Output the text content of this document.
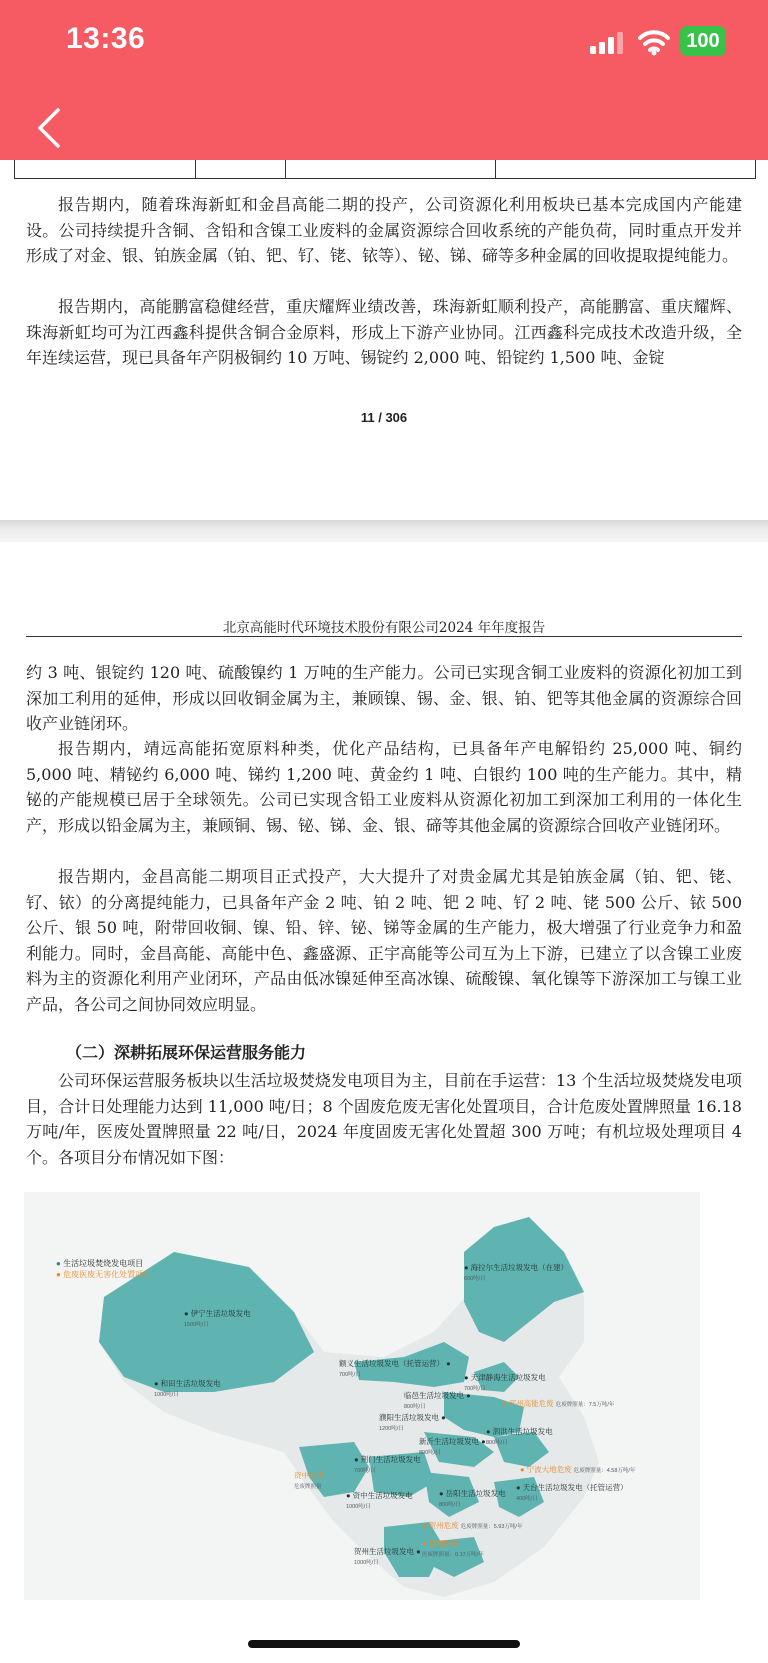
13:36	100

报告期内，随着珠海新虹和金昌高能二期的投产，公司资源化利用板块已基本完成国内产能建设。公司持续提升含铜、含铅和含镍工业废料的金属资源综合回收系统的产能负荷，同时重点开发并形成了对金、银、铂族金属（铂、钯、钌、铑、铱等）、铋、锑、碲等多种金属的回收提取提纯能力。

报告期内，高能鹏富稳健经营，重庆耀辉业绩改善，珠海新虹顺利投产，高能鹏富、重庆耀辉、珠海新虹均可为江西鑫科提供含铜合金原料，形成上下游产业协同。江西鑫科完成技术改造升级，全年连续运营，现已具备年产阴极铜约 10 万吨、锡锭约 2,000 吨、铅锭约 1,500 吨、金锭

11 / 306
北京高能时代环境技术股份有限公司2024 年年度报告

约 3 吨、银锭约 120 吨、硫酸镍约 1 万吨的生产能力。公司已实现含铜工业废料的资源化初加工到深加工利用的延伸，形成以回收铜金属为主，兼顾镍、锡、金、银、铂、钯等其他金属的资源综合回收产业链闭环。

报告期内，靖远高能拓宽原料种类，优化产品结构，已具备年产电解铅约 25,000 吨、铜约 5,000 吨、精铋约 6,000 吨、锑约 1,200 吨、黄金约 1 吨、白银约 100 吨的生产能力。其中，精铋的产能规模已居于全球领先。公司已实现含铅工业废料从资源化初加工到深加工利用的一体化生产，形成以铅金属为主，兼顾铜、锡、铋、锑、金、银、碲等其他金属的资源综合回收产业链闭环。

报告期内，金昌高能二期项目正式投产，大大提升了对贵金属尤其是铂族金属（铂、钯、铑、钌、铱）的分离提纯能力，已具备年产金 2 吨、铂 2 吨、钯 2 吨、钌 2 吨、铑 500 公斤、铱 500 公斤、银 50 吨，附带回收铜、镍、铅、锌、铋、锑等金属的生产能力，极大增强了行业竞争力和盈利能力。同时，金昌高能、高能中色、鑫盛源、正宇高能等公司互为上下游，已建立了以含镍工业废料为主的资源化利用产业闭环，产品由低冰镍延伸至高冰镍、硫酸镍、氧化镍等下游深加工与镍工业产品，各公司之间协同效应明显。

（二）深耕拓展环保运营服务能力

公司环保运营服务板块以生活垃圾焚烧发电项目为主，目前在手运营：13 个生活垃圾焚烧发电项目，合计日处理能力达到 11,000 吨/日；8 个固废危废无害化处置项目，合计危废处置牌照量 16.18 万吨/年，医废处置牌照量 22 吨/日，2024 年度固废无害化处置超 300 万吨；有机垃圾处理项目 4 个。各项目分布情况如下图：

● 生活垃圾焚烧发电项目
● 危废医废无害化处置项目
● 海拉尔生活垃圾发电（在建）
600吨/日
● 伊宁生活垃圾发电
1500吨/日
● 和田生活垃圾发电
1000吨/日
额义生活垃圾发电（托管运营） ●
700吨/日	● 天津静海生活垃圾发电
700吨/日
临邑生活垃圾发电 ●
800吨/日
濮阳生活垃圾发电 ●
1200吨/日
新沂生活垃圾发电 ●
800吨/日
● 泗洪生活垃圾发电
800吨/日
● 荆门生活垃圾发电
700吨/日
● 资中生活垃圾发电
1000吨/日
● 岳阳生活垃圾发电
800吨/日
● 天台生活垃圾发电（托管运营）
400吨/日
贺州生活垃圾发电 ●
1000吨/日
● 邳州高能危废 危废牌照量：7.5万吨/年
● 宁波大地危废 危废牌照量：4.58万吨/年
资中危废
危废牌照量
● 贺州危废 危废牌照量：5.93万吨/年
● 贺州医废
医废牌照量：0.17万吨/年
